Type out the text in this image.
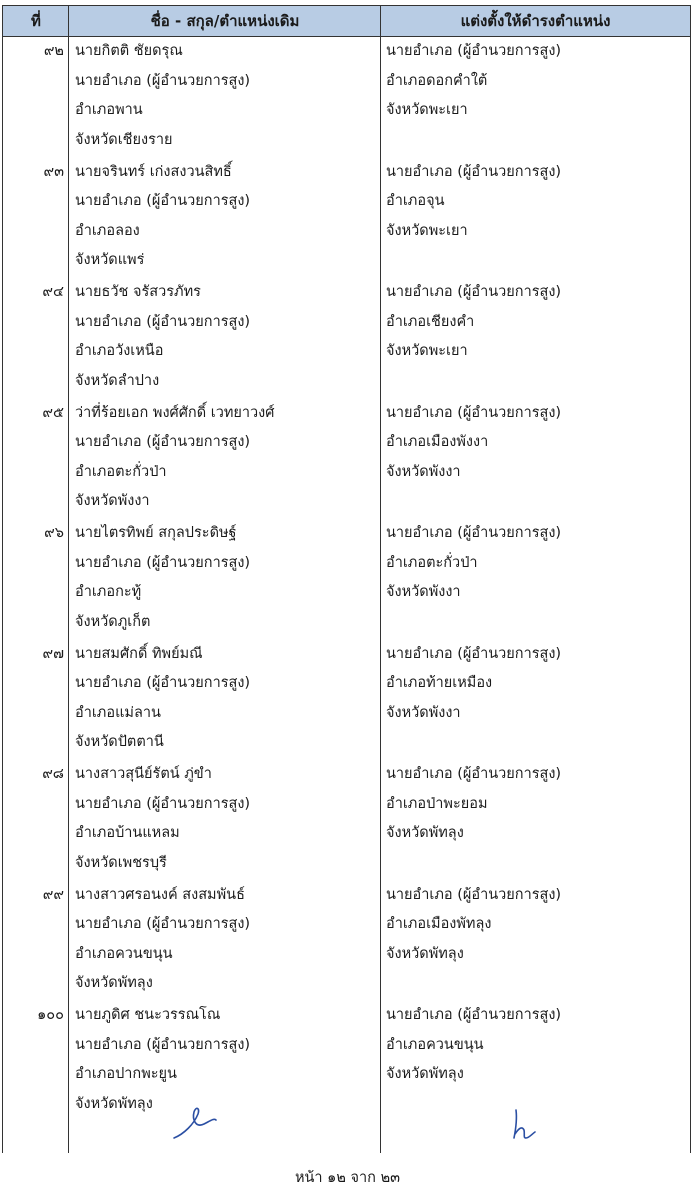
ที่	ชื่อ - สกุล/ตำแหน่งเดิม	แต่งตั้งให้ดำรงตำแหน่ง
๙๒ นายกิตติ ชัยดรุณ
นายอำเภอ (ผู้อำนวยการสูง)
อำเภอพาน
จังหวัดเชียงราย
นายอำเภอ (ผู้อำนวยการสูง)
อำเภอดอกคำใต้
จังหวัดพะเยา
๙๓ นายจรินทร์ เก่งสงวนสิทธิ์
นายอำเภอ (ผู้อำนวยการสูง)
อำเภอลอง
จังหวัดแพร่
นายอำเภอ (ผู้อำนวยการสูง)
อำเภอจุน
จังหวัดพะเยา
๙๔ นายธวัช จรัสวรภัทร
นายอำเภอ (ผู้อำนวยการสูง)
อำเภอวังเหนือ
จังหวัดลำปาง
นายอำเภอ (ผู้อำนวยการสูง)
อำเภอเชียงคำ
จังหวัดพะเยา
๙๕ ว่าที่ร้อยเอก พงศ์ศักดิ์ เวทยาวงศ์
นายอำเภอ (ผู้อำนวยการสูง)
อำเภอตะกั่วป่า
จังหวัดพังงา
นายอำเภอ (ผู้อำนวยการสูง)
อำเภอเมืองพังงา
จังหวัดพังงา
๙๖ นายไตรทิพย์ สกุลประดิษฐ์
นายอำเภอ (ผู้อำนวยการสูง)
อำเภอกะทู้
จังหวัดภูเก็ต
นายอำเภอ (ผู้อำนวยการสูง)
อำเภอตะกั่วป่า
จังหวัดพังงา
๙๗ นายสมศักดิ์ ทิพย์มณี
นายอำเภอ (ผู้อำนวยการสูง)
อำเภอแม่ลาน
จังหวัดปัตตานี
นายอำเภอ (ผู้อำนวยการสูง)
อำเภอท้ายเหมือง
จังหวัดพังงา
๙๘ นางสาวสุนีย์รัตน์ ภู่ขำ
นายอำเภอ (ผู้อำนวยการสูง)
อำเภอบ้านแหลม
จังหวัดเพชรบุรี
นายอำเภอ (ผู้อำนวยการสูง)
อำเภอป่าพะยอม
จังหวัดพัทลุง
๙๙ นางสาวศรอนงค์ สงสมพันธ์
นายอำเภอ (ผู้อำนวยการสูง)
อำเภอควนขนุน
จังหวัดพัทลุง
นายอำเภอ (ผู้อำนวยการสูง)
อำเภอเมืองพัทลุง
จังหวัดพัทลุง
๑๐๐ นายภูดิศ ชนะวรรณโณ
นายอำเภอ (ผู้อำนวยการสูง)
อำเภอปากพะยูน
จังหวัดพัทลุง
นายอำเภอ (ผู้อำนวยการสูง)
อำเภอควนขนุน
จังหวัดพัทลุง
หน้า ๑๒ จาก ๒๓
